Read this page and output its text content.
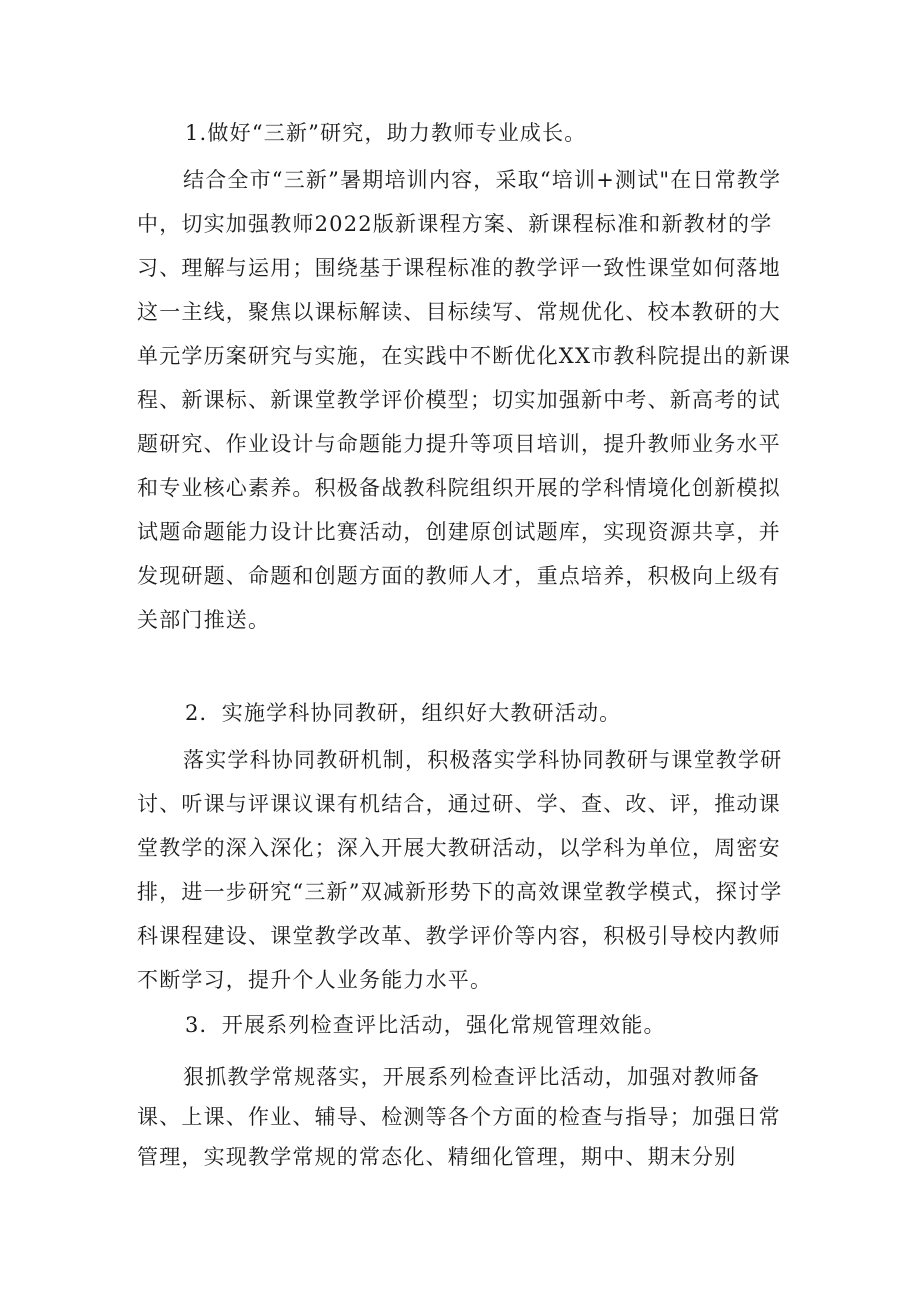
1.做好“三新”研究，助力教师专业成长。

结合全市“三新”暑期培训内容，采取“培训+测试"在日常教学中，切实加强教师2022版新课程方案、新课程标准和新教材的学习、理解与运用；围绕基于课程标准的教学评一致性课堂如何落地这一主线，聚焦以课标解读、目标续写、常规优化、校本教研的大单元学历案研究与实施，在实践中不断优化XX市教科院提出的新课程、新课标、新课堂教学评价模型；切实加强新中考、新高考的试题研究、作业设计与命题能力提升等项目培训，提升教师业务水平和专业核心素养。积极备战教科院组织开展的学科情境化创新模拟试题命题能力设计比赛活动，创建原创试题库，实现资源共享，并发现研题、命题和创题方面的教师人才，重点培养，积极向上级有关部门推送。

2．实施学科协同教研，组织好大教研活动。

落实学科协同教研机制，积极落实学科协同教研与课堂教学研讨、听课与评课议课有机结合，通过研、学、查、改、评，推动课堂教学的深入深化；深入开展大教研活动，以学科为单位，周密安排，进一步研究“三新”双减新形势下的高效课堂教学模式，探讨学科课程建设、课堂教学改革、教学评价等内容，积极引导校内教师不断学习，提升个人业务能力水平。

3．开展系列检查评比活动，强化常规管理效能。

狠抓教学常规落实，开展系列检查评比活动，加强对教师备课、上课、作业、辅导、检测等各个方面的检查与指导；加强日常管理，实现教学常规的常态化、精细化管理，期中、期末分别
